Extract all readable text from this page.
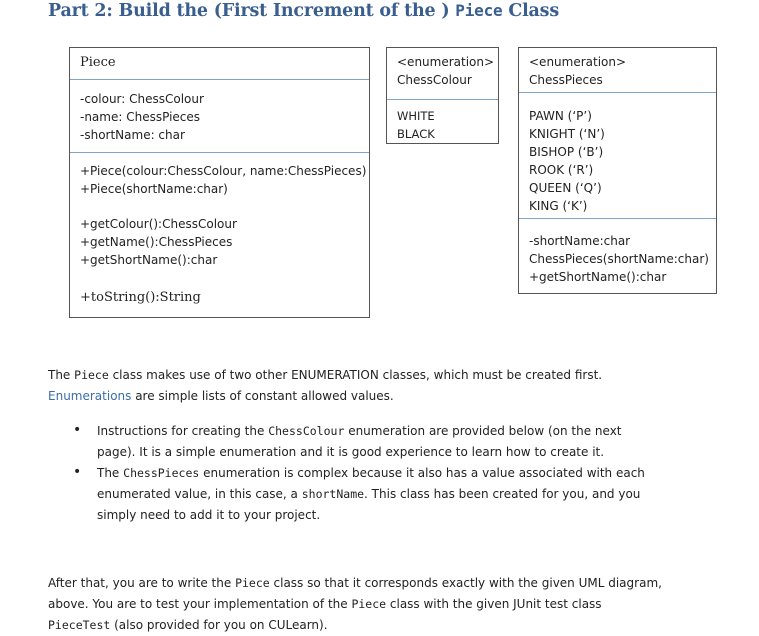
Part 2: Build the (First Increment of the ) Piece Class
Piece
-colour: ChessColour
-name: ChessPieces
-shortName: char
+Piece(colour:ChessColour, name:ChessPieces)
+Piece(shortName:char)
+getColour():ChessColour
+getName():ChessPieces
+getShortName():char
+toString():String
<enumeration>
ChessColour
WHITE
BLACK
<enumeration>
ChessPieces
PAWN (‘P’)
KNIGHT (‘N’)
BISHOP (‘B’)
ROOK (‘R’)
QUEEN (‘Q’)
KING (‘K’)
-shortName:char
ChessPieces(shortName:char)
+getShortName():char
The Piece class makes use of two other ENUMERATION classes, which must be created first.
Enumerations are simple lists of constant allowed values.
• Instructions for creating the ChessColour enumeration are provided below (on the next
page). It is a simple enumeration and it is good experience to learn how to create it.
• The ChessPieces enumeration is complex because it also has a value associated with each
enumerated value, in this case, a shortName. This class has been created for you, and you
simply need to add it to your project.
After that, you are to write the Piece class so that it corresponds exactly with the given UML diagram,
above. You are to test your implementation of the Piece class with the given JUnit test class
PieceTest (also provided for you on CULearn).
